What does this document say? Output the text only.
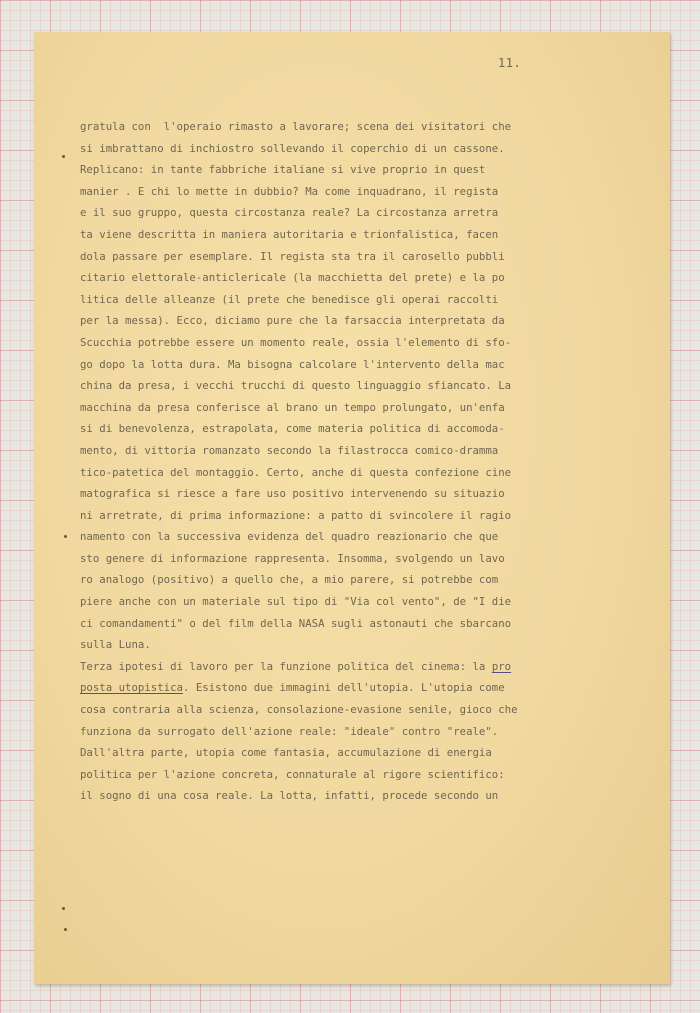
11.
gratula con  l'operaio rimasto a lavorare; scena dei visitatori che
si imbrattano di inchiostro sollevando il coperchio di un cassone.
Replicano: in tante fabbriche italiane si vive proprio in quest
manier . E chi lo mette in dubbio? Ma come inquadrano, il regista
e il suo gruppo, questa circostanza reale? La circostanza arretra
ta viene descritta in maniera autoritaria e trionfalistica, facen
dola passare per esemplare. Il regista sta tra il carosello pubbli
citario elettorale-anticlericale (la macchietta del prete) e la po
litica delle alleanze (il prete che benedisce gli operai raccolti
per la messa). Ecco, diciamo pure che la farsaccia interpretata da
Scucchia potrebbe essere un momento reale, ossia l'elemento di sfo-
go dopo la lotta dura. Ma bisogna calcolare l'intervento della mac
china da presa, i vecchi trucchi di questo linguaggio sfiancato. La
macchina da presa conferisce al brano un tempo prolungato, un'enfa
si di benevolenza, estrapolata, come materia politica di accomoda-
mento, di vittoria romanzato secondo la filastrocca comico-dramma
tico-patetica del montaggio. Certo, anche di questa confezione cine
matografica si riesce a fare uso positivo intervenendo su situazio
ni arretrate, di prima informazione: a patto di svincolere il ragio
namento con la successiva evidenza del quadro reazionario che que
sto genere di informazione rappresenta. Insomma, svolgendo un lavo
ro analogo (positivo) a quello che, a mio parere, si potrebbe com
piere anche con un materiale sul tipo di "Via col vento", de "I die
ci comandamenti" o del film della NASA sugli astonauti che sbarcano
sulla Luna.
Terza ipotesi di lavoro per la funzione politica del cinema: la pro
posta utopistica. Esistono due immagini dell'utopia. L'utopia come
cosa contraria alla scienza, consolazione-evasione senile, gioco che
funziona da surrogato dell'azione reale: "ideale" contro "reale".
Dall'altra parte, utopia come fantasia, accumulazione di energia
politica per l'azione concreta, connaturale al rigore scientifico:
il sogno di una cosa reale. La lotta, infatti, procede secondo un
